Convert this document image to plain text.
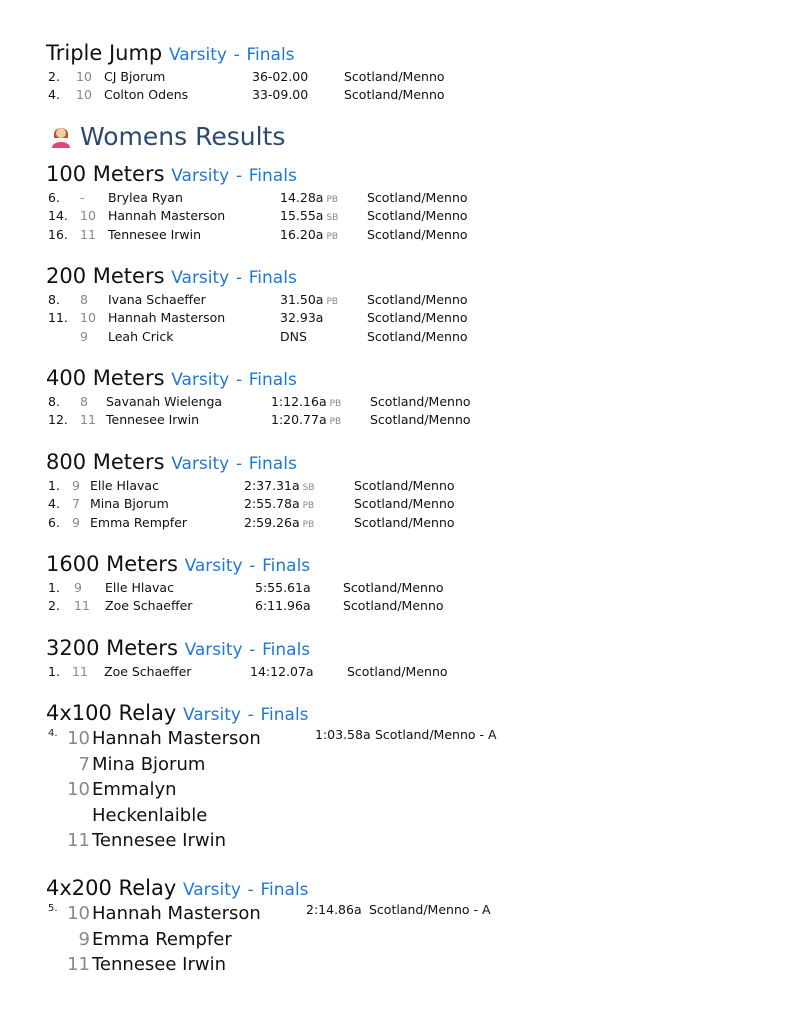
Triple Jump Varsity - Finals
2. 10 CJ Bjorum	36-02.00	Scotland/Menno
4. 10 Colton Odens	33-09.00	Scotland/Menno
Womens Results
100 Meters Varsity - Finals
6. - Brylea Ryan	14.28a PB Scotland/Menno
14. 10 Hannah Masterson	15.55a SB Scotland/Menno
16. 11 Tennesee Irwin	16.20a PB Scotland/Menno
200 Meters Varsity - Finals
8. 8 Ivana Schaeffer	31.50a PB Scotland/Menno
11. 10 Hannah Masterson	32.93a	Scotland/Menno
9 Leah Crick	DNS	Scotland/Menno
400 Meters Varsity - Finals
8. 8 Savanah Wielenga	1:12.16a PB Scotland/Menno
12. 11 Tennesee Irwin	1:20.77a PB Scotland/Menno
800 Meters Varsity - Finals
1. 9 Elle Hlavac	2:37.31a SB	Scotland/Menno
4. 7 Mina Bjorum	2:55.78a PB	Scotland/Menno
6. 9 Emma Rempfer	2:59.26a PB	Scotland/Menno
1600 Meters Varsity - Finals
1. 9 Elle Hlavac	5:55.61a	Scotland/Menno
2. 11 Zoe Schaeffer	6:11.96a	Scotland/Menno
3200 Meters Varsity - Finals
1. 11 Zoe Schaeffer	14:12.07a	Scotland/Menno
4x100 Relay Varsity - Finals
4.	1:03.58a Scotland/Menno - A
10 Hannah Masterson
7 Mina Bjorum
10 Emmalyn
Heckenlaible
11 Tennesee Irwin
4x200 Relay Varsity - Finals
5.	2:14.86a Scotland/Menno - A
10 Hannah Masterson
9 Emma Rempfer
11 Tennesee Irwin
